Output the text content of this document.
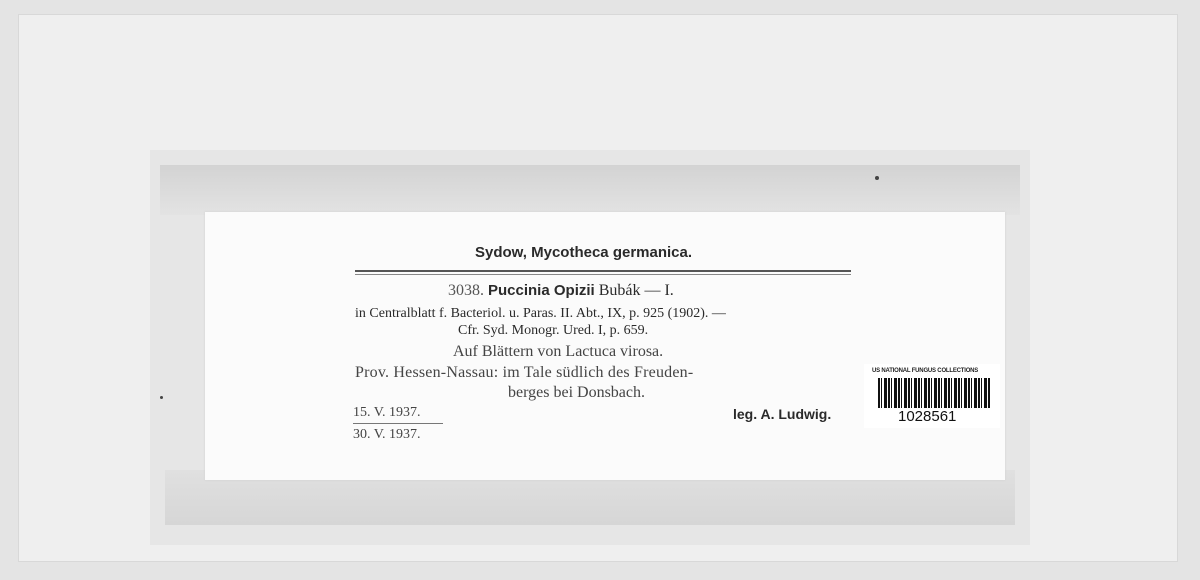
Sydow, Mycotheca germanica.
3038. Puccinia Opizii Bubák — I.
in Centralblatt f. Bacteriol. u. Paras. II. Abt., IX, p. 925 (1902). —
Cfr. Syd. Monogr. Ured. I, p. 659.
Auf Blättern von Lactuca virosa.
Prov. Hessen-Nassau: im Tale südlich des Freuden-
berges bei Donsbach.
15. V. 1937.
30. V. 1937.
leg. A. Ludwig.
US NATIONAL FUNGUS COLLECTIONS
1028561
